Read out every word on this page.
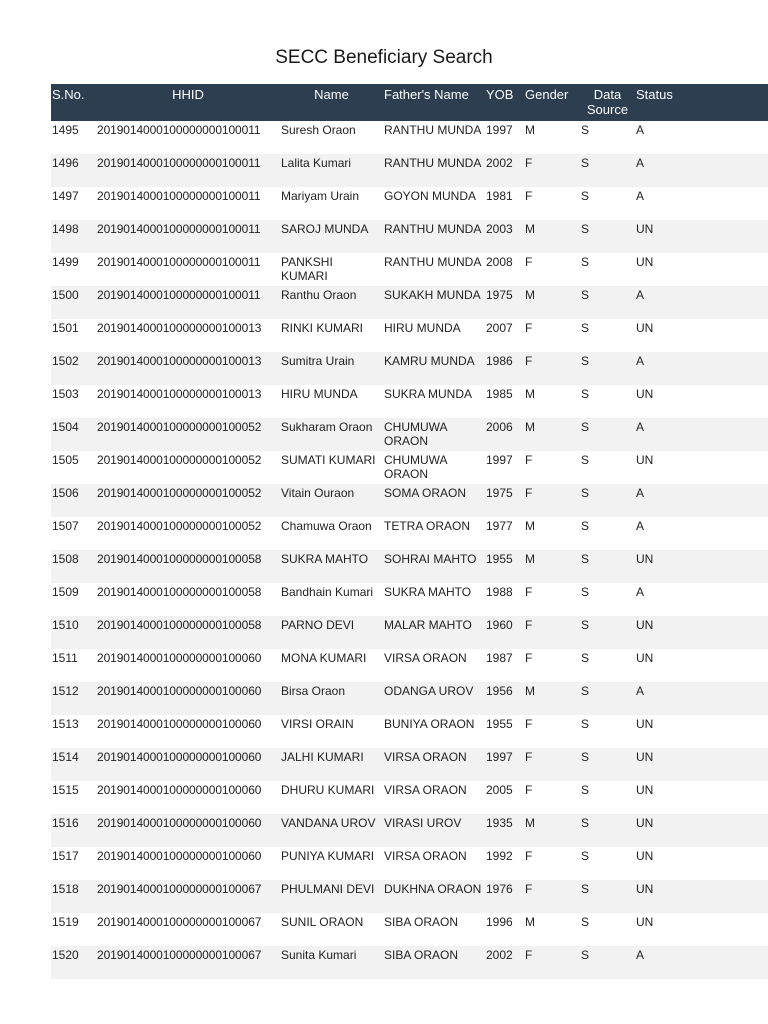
SECC Beneficiary Search
S.No.	HHID	Name	Father's Name	YOB	Gender	Data Source	Status
1495	2019014000100000000100011	Suresh Oraon	RANTHU MUNDA	1997	M	S	A
1496	2019014000100000000100011	Lalita Kumari	RANTHU MUNDA	2002	F	S	A
1497	2019014000100000000100011	Mariyam Urain	GOYON MUNDA	1981	F	S	A
1498	2019014000100000000100011	SAROJ MUNDA	RANTHU MUNDA	2003	M	S	UN
1499	2019014000100000000100011	PANKSHI KUMARI	RANTHU MUNDA	2008	F	S	UN
1500	2019014000100000000100011	Ranthu Oraon	SUKAKH MUNDA	1975	M	S	A
1501	2019014000100000000100013	RINKI KUMARI	HIRU MUNDA	2007	F	S	UN
1502	2019014000100000000100013	Sumitra Urain	KAMRU MUNDA	1986	F	S	A
1503	2019014000100000000100013	HIRU MUNDA	SUKRA MUNDA	1985	M	S	UN
1504	2019014000100000000100052	Sukharam Oraon	CHUMUWA ORAON	2006	M	S	A
1505	2019014000100000000100052	SUMATI KUMARI	CHUMUWA ORAON	1997	F	S	UN
1506	2019014000100000000100052	Vitain Ouraon	SOMA ORAON	1975	F	S	A
1507	2019014000100000000100052	Chamuwa Oraon	TETRA ORAON	1977	M	S	A
1508	2019014000100000000100058	SUKRA MAHTO	SOHRAI MAHTO	1955	M	S	UN
1509	2019014000100000000100058	Bandhain Kumari	SUKRA MAHTO	1988	F	S	A
1510	2019014000100000000100058	PARNO DEVI	MALAR MAHTO	1960	F	S	UN
1511	2019014000100000000100060	MONA KUMARI	VIRSA ORAON	1987	F	S	UN
1512	2019014000100000000100060	Birsa Oraon	ODANGA UROV	1956	M	S	A
1513	2019014000100000000100060	VIRSI ORAIN	BUNIYA ORAON	1955	F	S	UN
1514	2019014000100000000100060	JALHI KUMARI	VIRSA ORAON	1997	F	S	UN
1515	2019014000100000000100060	DHURU KUMARI	VIRSA ORAON	2005	F	S	UN
1516	2019014000100000000100060	VANDANA UROV	VIRASI UROV	1935	M	S	UN
1517	2019014000100000000100060	PUNIYA KUMARI	VIRSA ORAON	1992	F	S	UN
1518	2019014000100000000100067	PHULMANI DEVI	DUKHNA ORAON	1976	F	S	UN
1519	2019014000100000000100067	SUNIL ORAON	SIBA ORAON	1996	M	S	UN
1520	2019014000100000000100067	Sunita Kumari	SIBA ORAON	2002	F	S	A
